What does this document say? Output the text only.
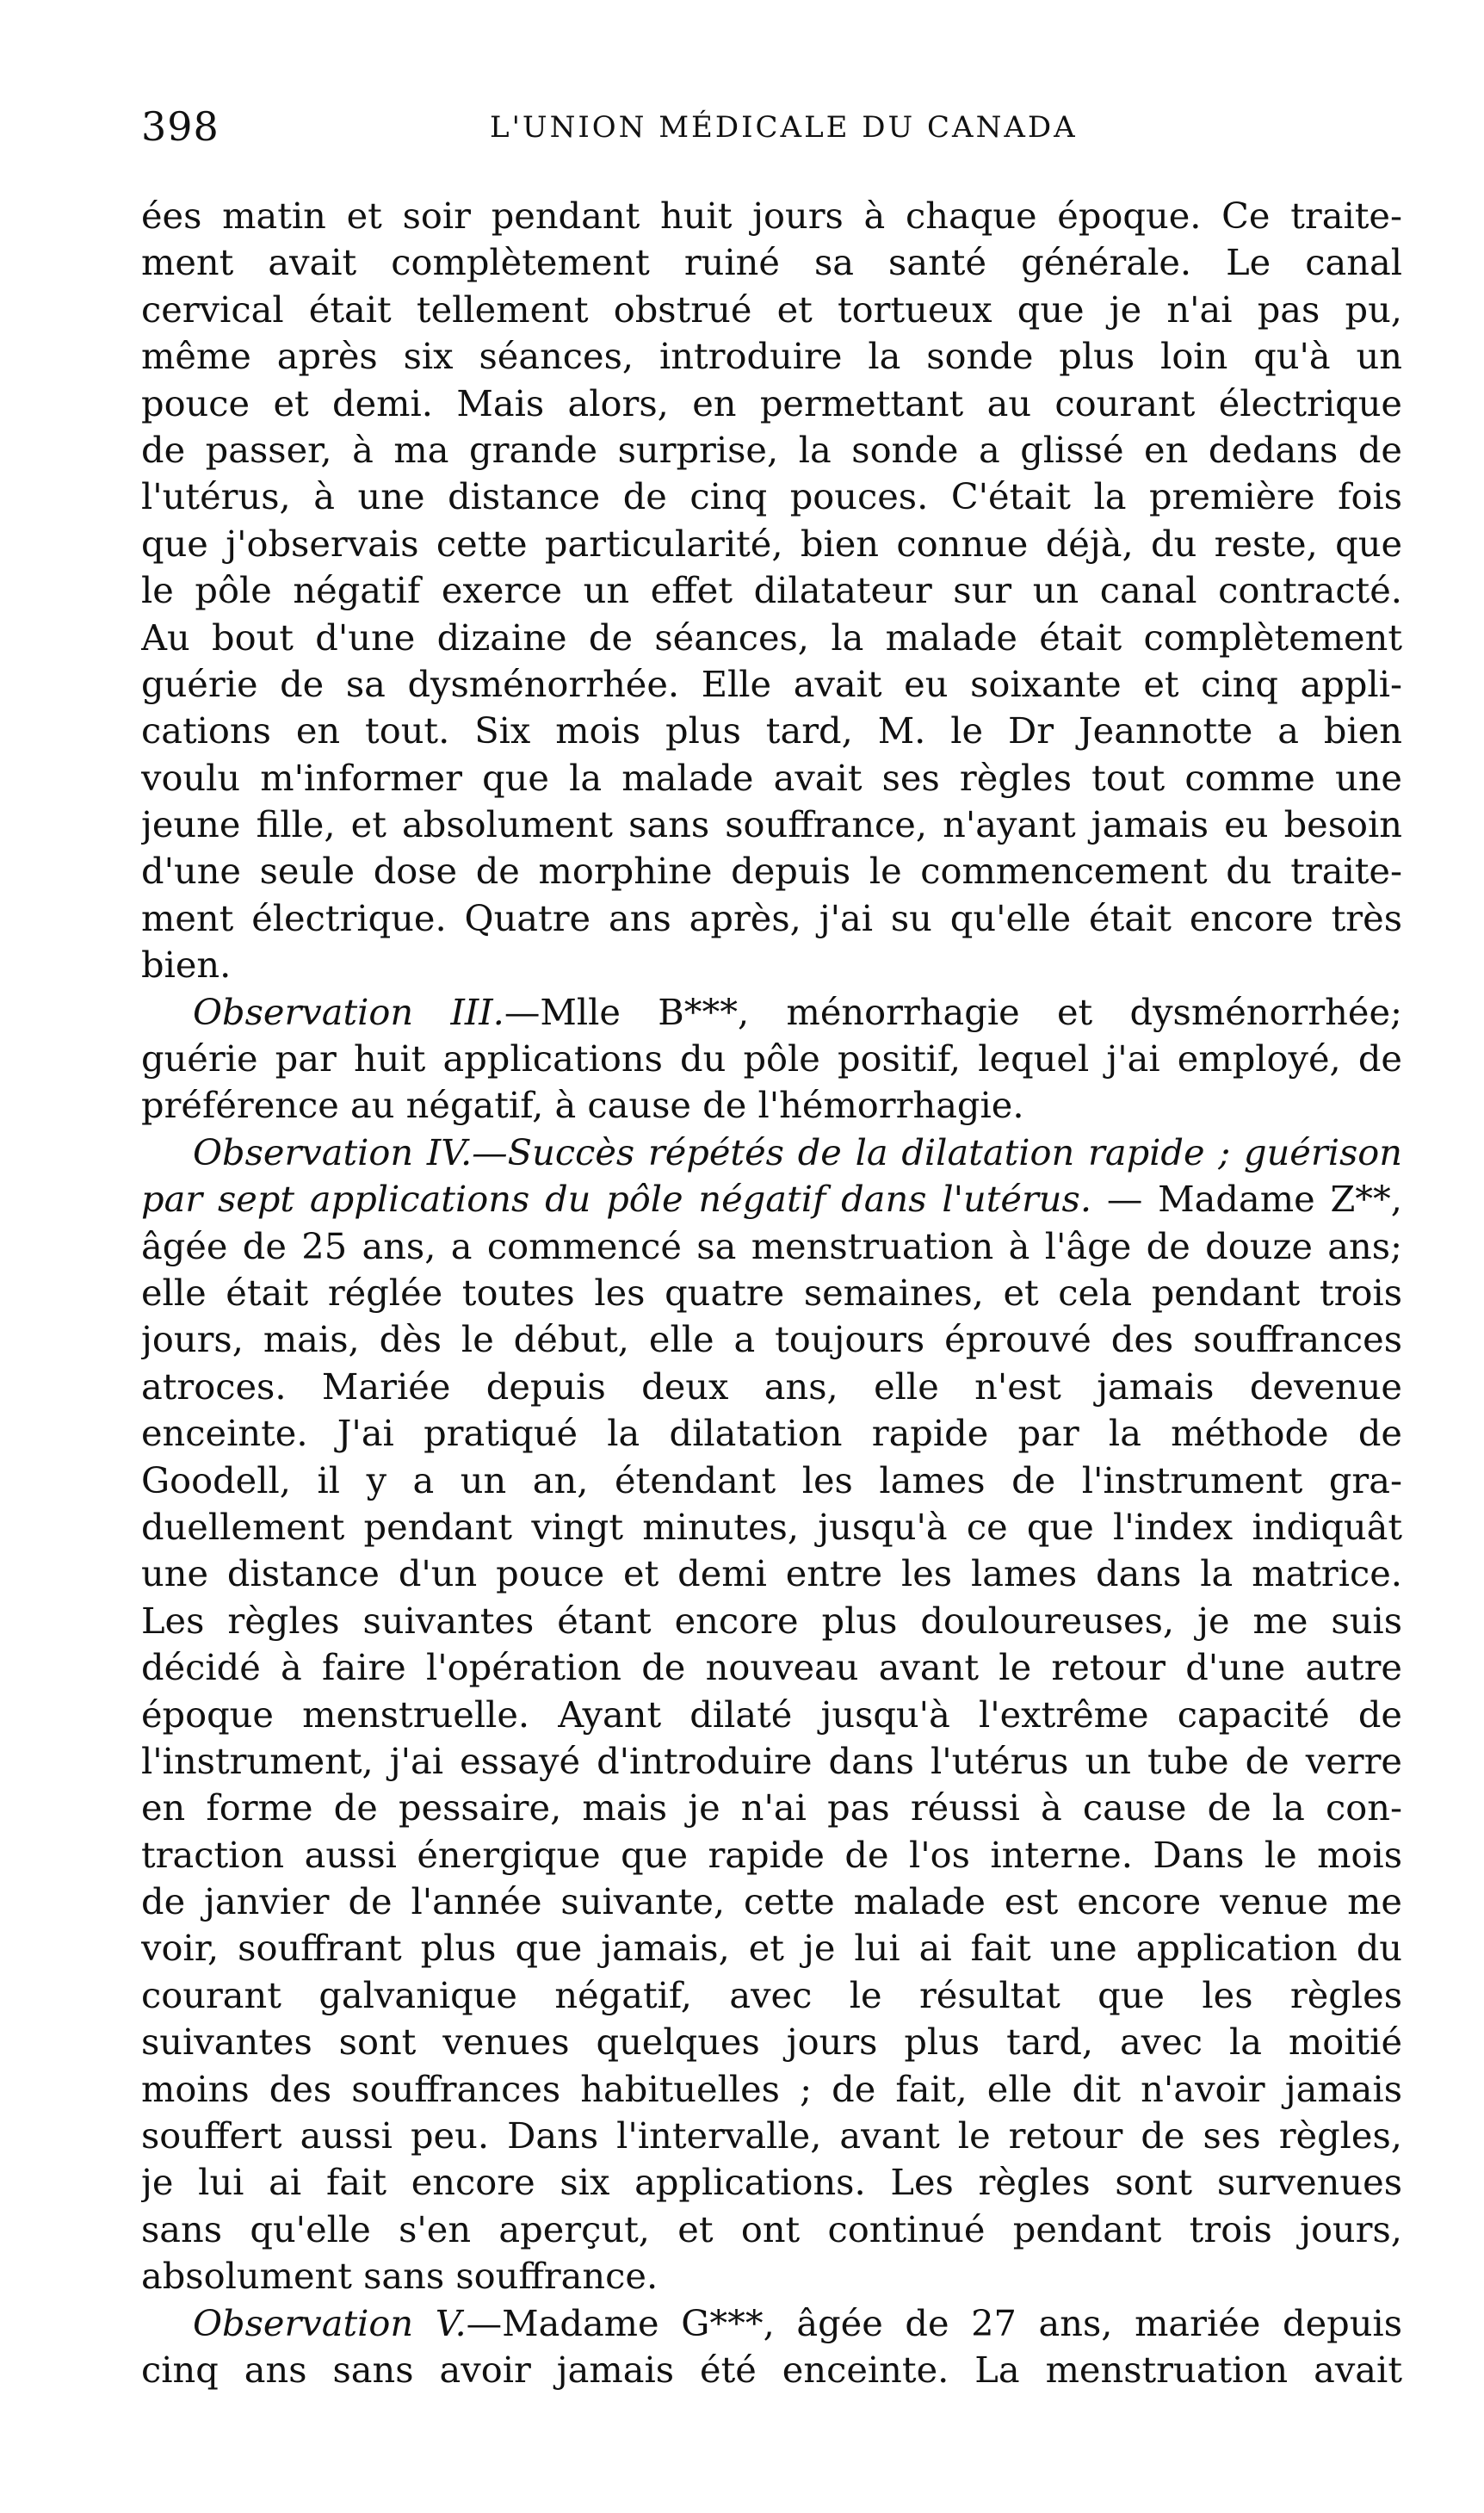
398	L'UNION MÉDICALE DU CANADA
ées matin et soir pendant huit jours à chaque époque. Ce traite-
ment avait complètement ruiné sa santé générale. Le canal
cervical était tellement obstrué et tortueux que je n'ai pas pu,
même après six séances, introduire la sonde plus loin qu'à un
pouce et demi. Mais alors, en permettant au courant électrique
de passer, à ma grande surprise, la sonde a glissé en dedans de
l'utérus, à une distance de cinq pouces. C'était la première fois
que j'observais cette particularité, bien connue déjà, du reste, que
le pôle négatif exerce un effet dilatateur sur un canal contracté.
Au bout d'une dizaine de séances, la malade était complètement
guérie de sa dysménorrhée. Elle avait eu soixante et cinq appli-
cations en tout. Six mois plus tard, M. le Dr Jeannotte a bien
voulu m'informer que la malade avait ses règles tout comme une
jeune fille, et absolument sans souffrance, n'ayant jamais eu besoin
d'une seule dose de morphine depuis le commencement du traite-
ment électrique. Quatre ans après, j'ai su qu'elle était encore très
bien.
Observation III.—Mlle B***, ménorrhagie et dysménorrhée;
guérie par huit applications du pôle positif, lequel j'ai employé, de
préférence au négatif, à cause de l'hémorrhagie.
Observation IV.—Succès répétés de la dilatation rapide ; guérison
par sept applications du pôle négatif dans l'utérus. — Madame Z**,
âgée de 25 ans, a commencé sa menstruation à l'âge de douze ans;
elle était réglée toutes les quatre semaines, et cela pendant trois
jours, mais, dès le début, elle a toujours éprouvé des souffrances
atroces. Mariée depuis deux ans, elle n'est jamais devenue
enceinte. J'ai pratiqué la dilatation rapide par la méthode de
Goodell, il y a un an, étendant les lames de l'instrument gra-
duellement pendant vingt minutes, jusqu'à ce que l'index indiquât
une distance d'un pouce et demi entre les lames dans la matrice.
Les règles suivantes étant encore plus douloureuses, je me suis
décidé à faire l'opération de nouveau avant le retour d'une autre
époque menstruelle. Ayant dilaté jusqu'à l'extrême capacité de
l'instrument, j'ai essayé d'introduire dans l'utérus un tube de verre
en forme de pessaire, mais je n'ai pas réussi à cause de la con-
traction aussi énergique que rapide de l'os interne. Dans le mois
de janvier de l'année suivante, cette malade est encore venue me
voir, souffrant plus que jamais, et je lui ai fait une application du
courant galvanique négatif, avec le résultat que les règles
suivantes sont venues quelques jours plus tard, avec la moitié
moins des souffrances habituelles ; de fait, elle dit n'avoir jamais
souffert aussi peu. Dans l'intervalle, avant le retour de ses règles,
je lui ai fait encore six applications. Les règles sont survenues
sans qu'elle s'en aperçut, et ont continué pendant trois jours,
absolument sans souffrance.
Observation V.—Madame G***, âgée de 27 ans, mariée depuis
cinq ans sans avoir jamais été enceinte. La menstruation avait
